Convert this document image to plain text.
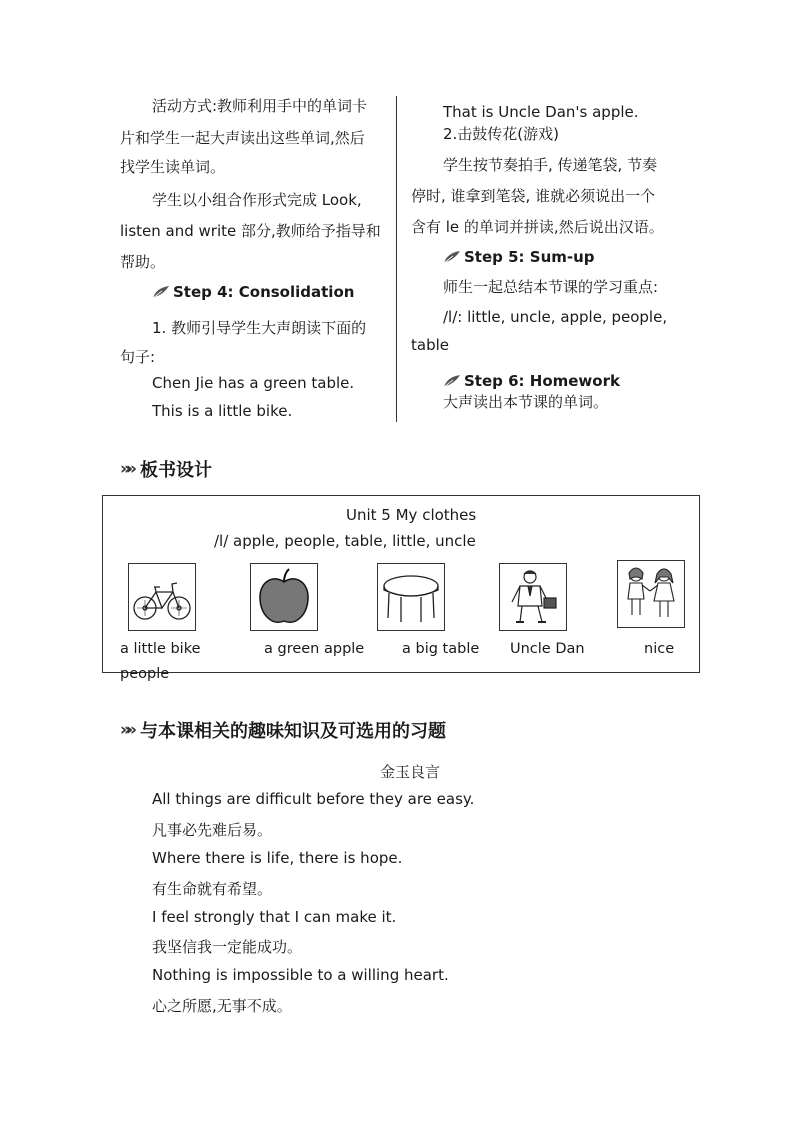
活动方式:教师利用手中的单词卡
片和学生一起大声读出这些单词,然后
找学生读单词。
学生以小组合作形式完成 Look,
listen and write 部分,教师给予指导和
帮助。
Step 4: Consolidation
1. 教师引导学生大声朗读下面的
句子:
Chen Jie has a green table.
This is a little bike.
That is Uncle Dan's apple.
2.击鼓传花(游戏)
学生按节奏拍手, 传递笔袋, 节奏
停时, 谁拿到笔袋, 谁就必须说出一个
含有 le 的单词并拼读,然后说出汉语。
Step 5: Sum-up
师生一起总结本节课的学习重点:
/l/: little, uncle, apple, people,
table
Step 6: Homework
大声读出本节课的单词。
»» 板书设计
Unit 5 My clothes
/l/ apple, people, table, little, uncle
a little bike	a green apple	a big table Uncle Dan	nice
people
»» 与本课相关的趣味知识及可选用的习题
金玉良言
All things are difficult before they are easy.
凡事必先难后易。
Where there is life, there is hope.
有生命就有希望。
I feel strongly that I can make it.
我坚信我一定能成功。
Nothing is impossible to a willing heart.
心之所愿,无事不成。
